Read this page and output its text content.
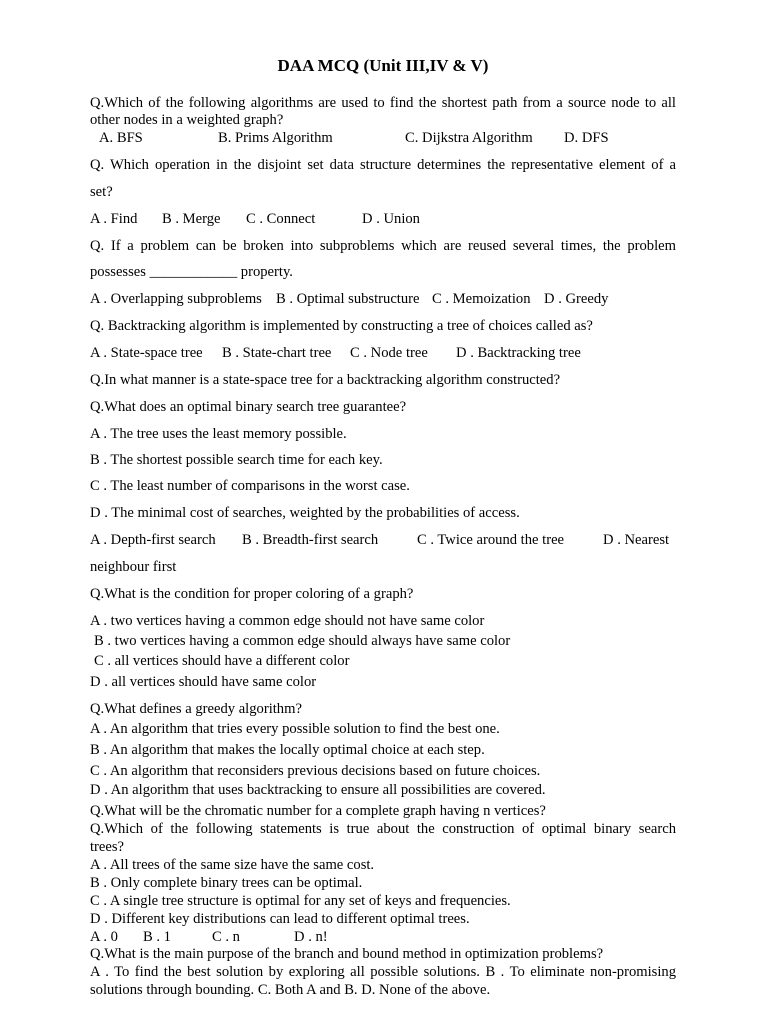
DAA MCQ (Unit III,IV & V)
Q.Which of the following algorithms are used to find the shortest path from a source node to all
other nodes in a weighted graph?
A. BFS	B. Prims Algorithm	C. Dijkstra Algorithm D. DFS
Q. Which operation in the disjoint set data structure determines the representative element of a
set?
A . Find B . Merge C . Connect	D . Union
Q. If a problem can be broken into subproblems which are reused several times, the problem
possesses ____________ property.
A . Overlapping subproblems B . Optimal substructure C . Memoization D . Greedy
Q. Backtracking algorithm is implemented by constructing a tree of choices called as?
A . State-space tree B . State-chart tree C . Node tree D . Backtracking tree
Q.In what manner is a state-space tree for a backtracking algorithm constructed?
Q.What does an optimal binary search tree guarantee?
A . The tree uses the least memory possible.
B . The shortest possible search time for each key.
C . The least number of comparisons in the worst case.
D . The minimal cost of searches, weighted by the probabilities of access.
A . Depth-first search B . Breadth-first search	C . Twice around the tree	D . Nearest
neighbour first
Q.What is the condition for proper coloring of a graph?
A . two vertices having a common edge should not have same color
B . two vertices having a common edge should always have same color
C . all vertices should have a different color
D . all vertices should have same color
Q.What defines a greedy algorithm?
A . An algorithm that tries every possible solution to find the best one.
B . An algorithm that makes the locally optimal choice at each step.
C . An algorithm that reconsiders previous decisions based on future choices.
D . An algorithm that uses backtracking to ensure all possibilities are covered.
Q.What will be the chromatic number for a complete graph having n vertices?
Q.Which of the following statements is true about the construction of optimal binary search
trees?
A . All trees of the same size have the same cost.
B . Only complete binary trees can be optimal.
C . A single tree structure is optimal for any set of keys and frequencies.
D . Different key distributions can lead to different optimal trees.
A . 0 B . 1	C . n	D . n!
Q.What is the main purpose of the branch and bound method in optimization problems?
A . To find the best solution by exploring all possible solutions. B . To eliminate non-promising
solutions through bounding. C. Both A and B. D. None of the above.
